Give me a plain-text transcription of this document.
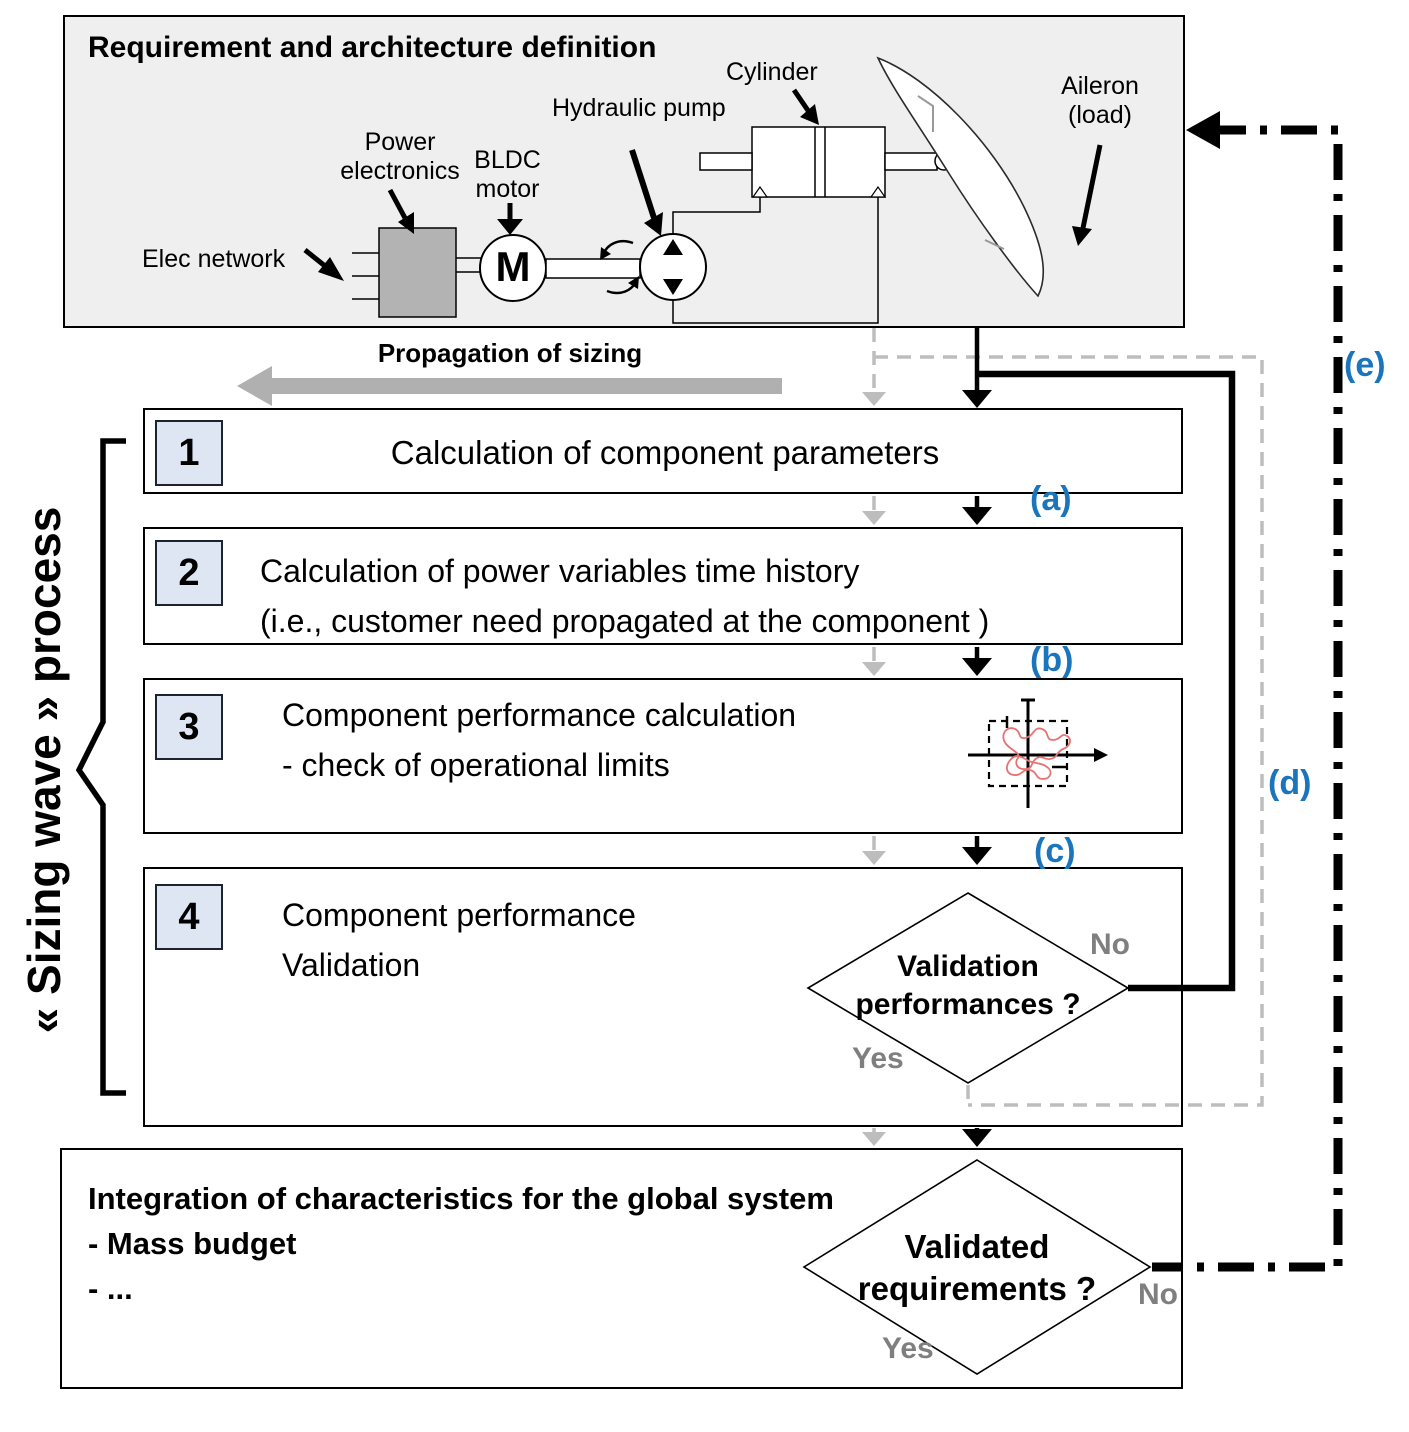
Requirement and architecture definition
Power
electronics BLDC
motor
Hydraulic pump
Cylinder	Aileron
(load)
Elec network	M
Propagation of sizing
« Sizing wave » process
1
2
3
4
Calculation of component parameters
Calculation of power variables time history
(i.e., customer need propagated at the component )
Component performance calculation
- check of operational limits
Component performance
Validation
(a)
(b)
(c)
(d)
(e)
Validation
performances ?
No
Yes
Validated
requirements ?	No
Yes
Integration of characteristics for the global system
- Mass budget
- ...
